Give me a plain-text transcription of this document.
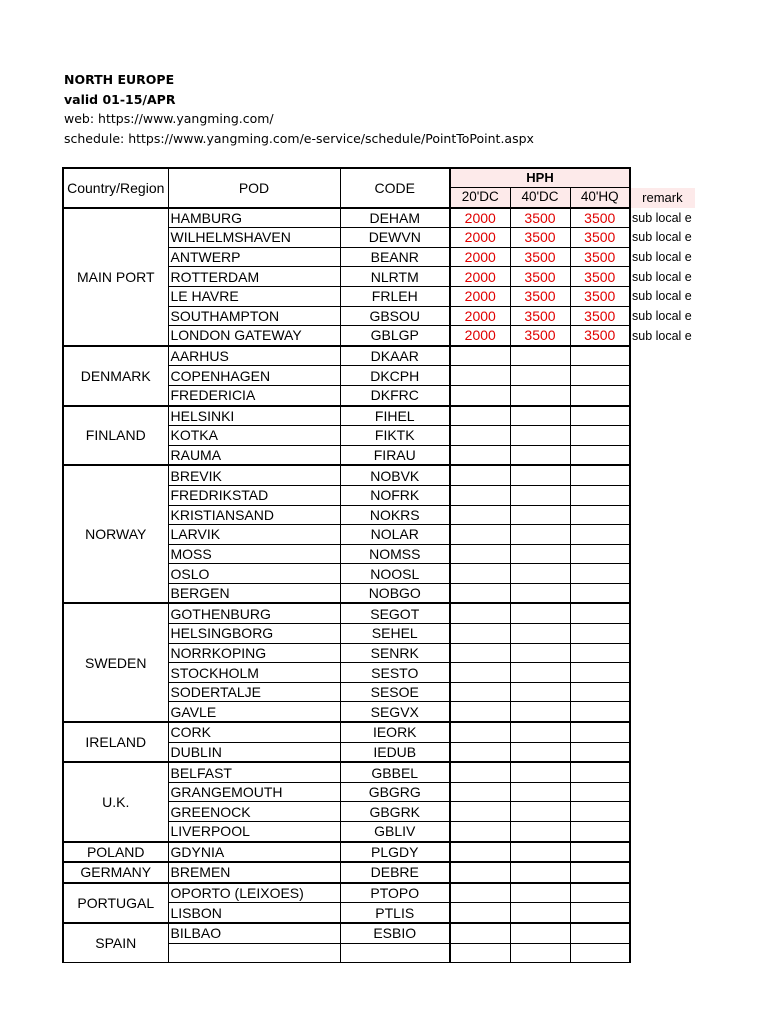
NORTH EUROPE
valid 01-15/APR
web: https://www.yangming.com/
schedule: https://www.yangming.com/e-service/schedule/PointToPoint.aspx
Country/Region	POD	CODE	HPH			
			20'DC	40'DC	40'HQ	remark
MAIN PORT	HAMBURG	DEHAM	2000	3500	3500	sub local e
	WILHELMSHAVEN	DEWVN	2000	3500	3500	sub local e
	ANTWERP	BEANR	2000	3500	3500	sub local e
	ROTTERDAM	NLRTM	2000	3500	3500	sub local e
	LE HAVRE	FRLEH	2000	3500	3500	sub local e
	SOUTHAMPTON	GBSOU	2000	3500	3500	sub local e
	LONDON GATEWAY	GBLGP	2000	3500	3500	sub local e
DENMARK	AARHUS	DKAAR				
	COPENHAGEN	DKCPH				
	FREDERICIA	DKFRC				
FINLAND	HELSINKI	FIHEL				
	KOTKA	FIKTK				
	RAUMA	FIRAU				
NORWAY	BREVIK	NOBVK				
	FREDRIKSTAD	NOFRK				
	KRISTIANSAND	NOKRS				
	LARVIK	NOLAR				
	MOSS	NOMSS				
	OSLO	NOOSL				
	BERGEN	NOBGO				
SWEDEN	GOTHENBURG	SEGOT				
	HELSINGBORG	SEHEL				
	NORRKOPING	SENRK				
	STOCKHOLM	SESTO				
	SODERTALJE	SESOE				
	GAVLE	SEGVX				
IRELAND	CORK	IEORK				
	DUBLIN	IEDUB				
U.K.	BELFAST	GBBEL				
	GRANGEMOUTH	GBGRG				
	GREENOCK	GBGRK				
	LIVERPOOL	GBLIV				
POLAND	GDYNIA	PLGDY				
GERMANY	BREMEN	DEBRE				
PORTUGAL	OPORTO (LEIXOES)	PTOPO				
	LISBON	PTLIS				
SPAIN	BILBAO	ESBIO				
